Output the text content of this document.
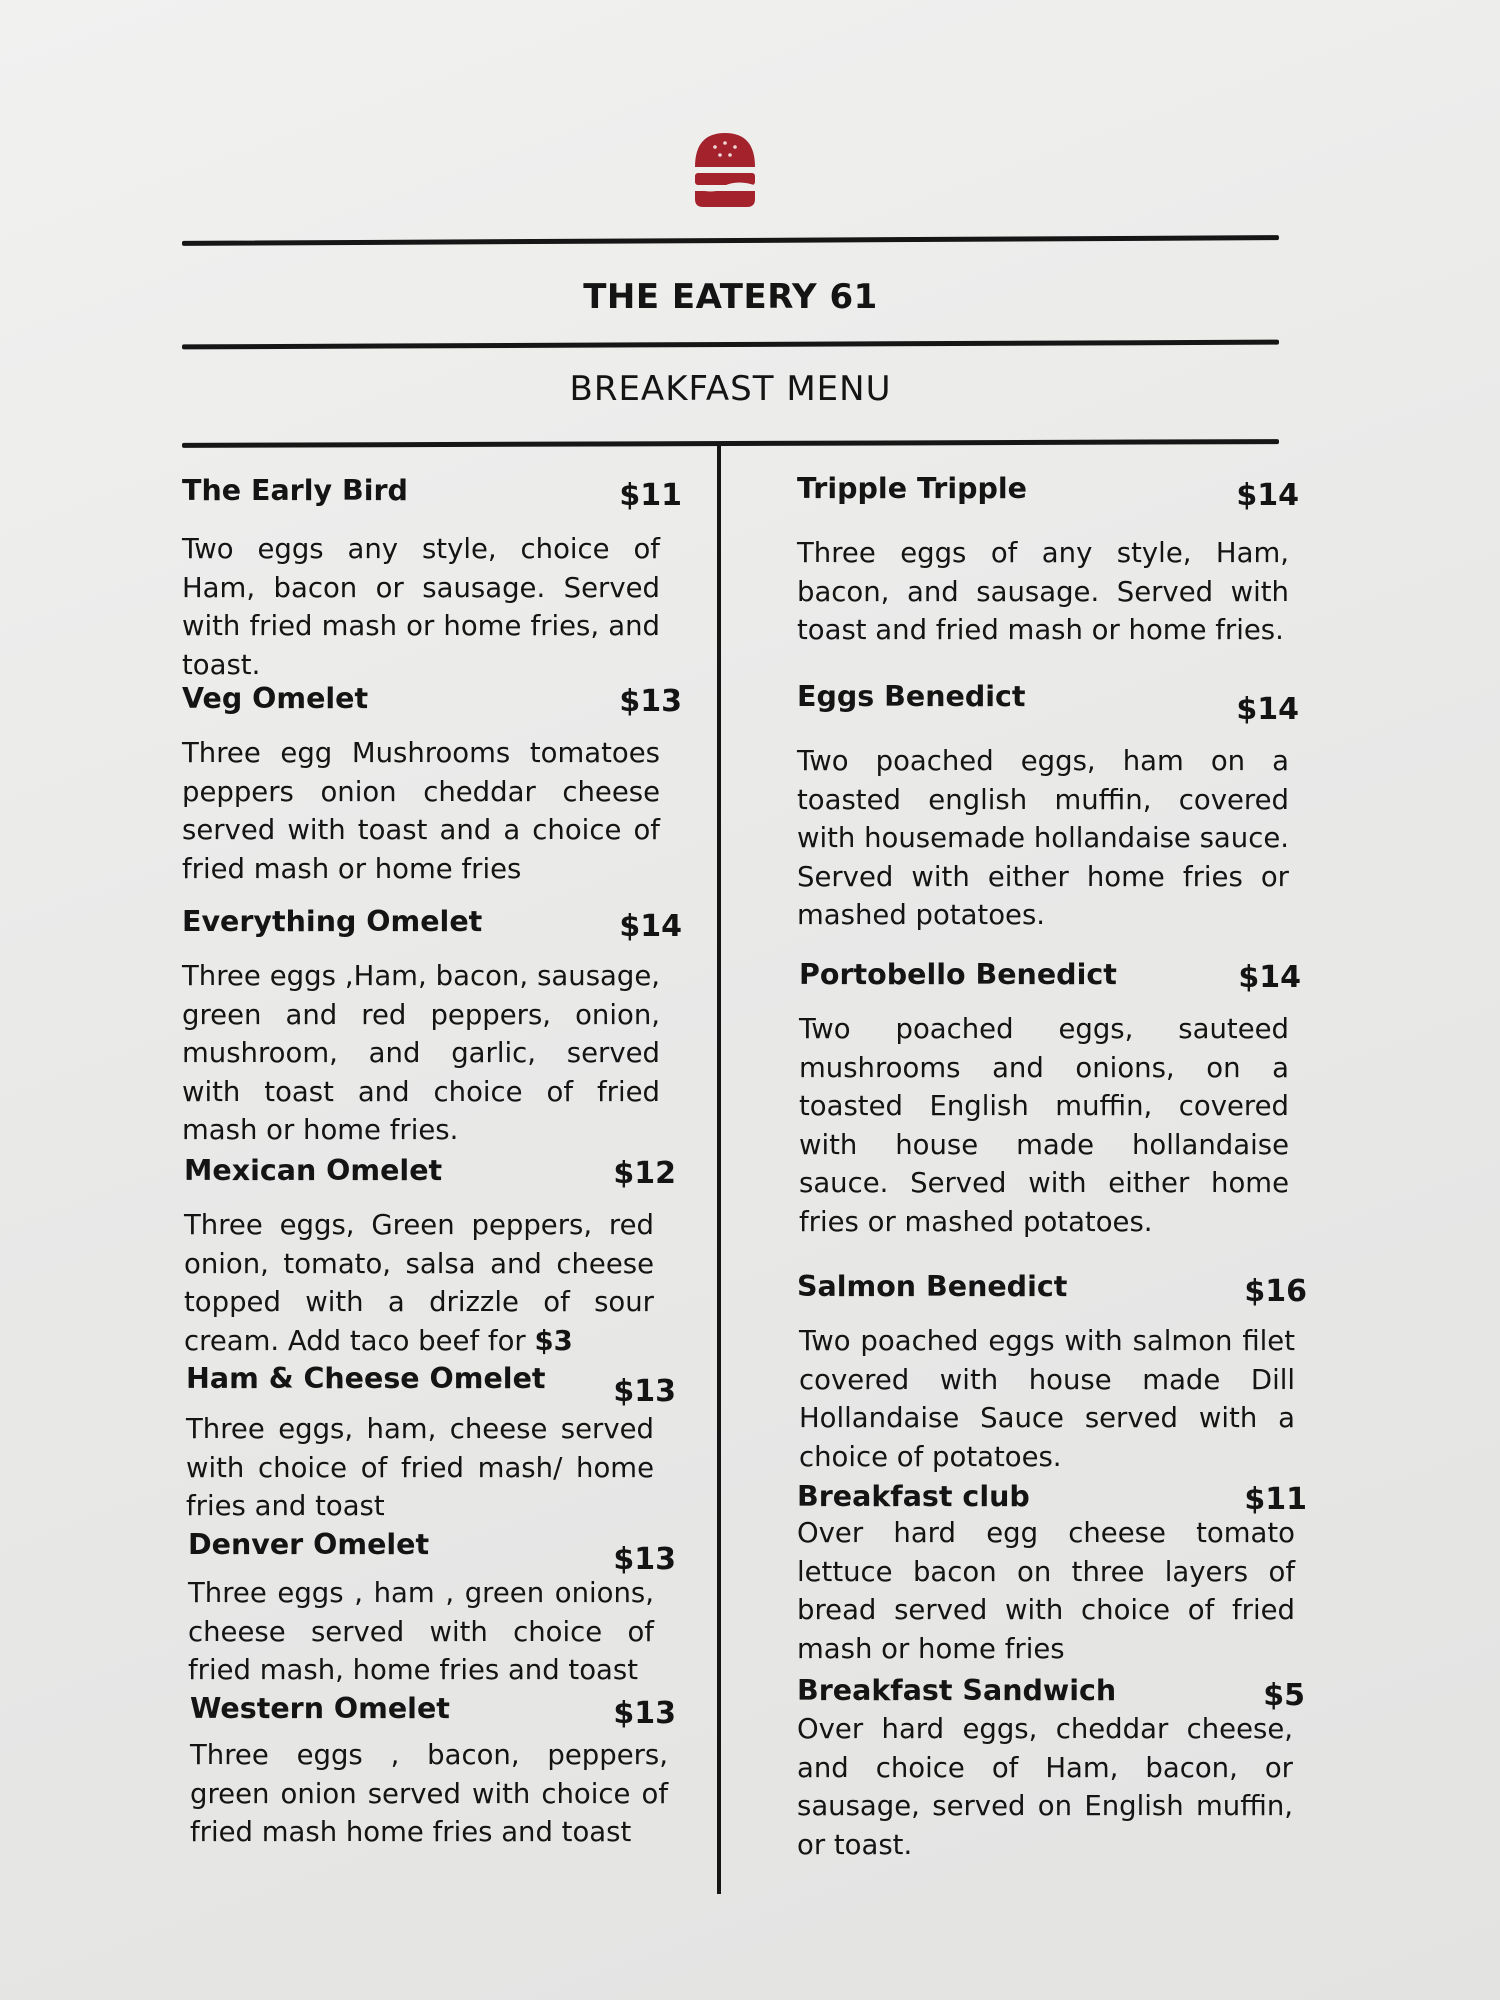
THE EATERY 61
BREAKFAST MENU
The Early Bird	$11

Two eggs any style, choice of Ham, bacon or sausage. Served with fried mash or home fries, and toast.

Veg Omelet	$13

Three egg Mushrooms tomatoes peppers onion cheddar cheese served with toast and a choice of fried mash or home fries

Everything Omelet	$14

Three eggs ,Ham, bacon, sausage, green and red peppers, onion, mushroom, and garlic, served with toast and choice of fried mash or home fries.

Mexican Omelet	$12

Three eggs, Green peppers, red onion, tomato, salsa and cheese topped with a drizzle of sour cream. Add taco beef for $3

Ham & Cheese Omelet $13

Three eggs, ham, cheese served with choice of fried mash/ home fries and toast

Denver Omelet	$13

Three eggs , ham , green onions, cheese served with choice of fried mash, home fries and toast

Western Omelet	$13

Three eggs , bacon, peppers, green onion served with choice of fried mash home fries and toast

Tripple Tripple	$14

Three eggs of any style, Ham, bacon, and sausage. Served with toast and fried mash or home fries.

Eggs Benedict	$14

Two poached eggs, ham on a toasted english muffin, covered with housemade hollandaise sauce. Served with either home fries or mashed potatoes.

Portobello Benedict	$14

Two poached eggs, sauteed mushrooms and onions, on a toasted English muffin, covered with house made hollandaise sauce. Served with either home fries or mashed potatoes.

Salmon Benedict	$16

Two poached eggs with salmon filet covered with house made Dill Hollandaise Sauce served with a choice of potatoes.

Breakfast club	$11

Over hard egg cheese tomato lettuce bacon on three layers of bread served with choice of fried mash or home fries

Breakfast Sandwich	$5

Over hard eggs, cheddar cheese, and choice of Ham, bacon, or sausage, served on English muffin, or toast.
